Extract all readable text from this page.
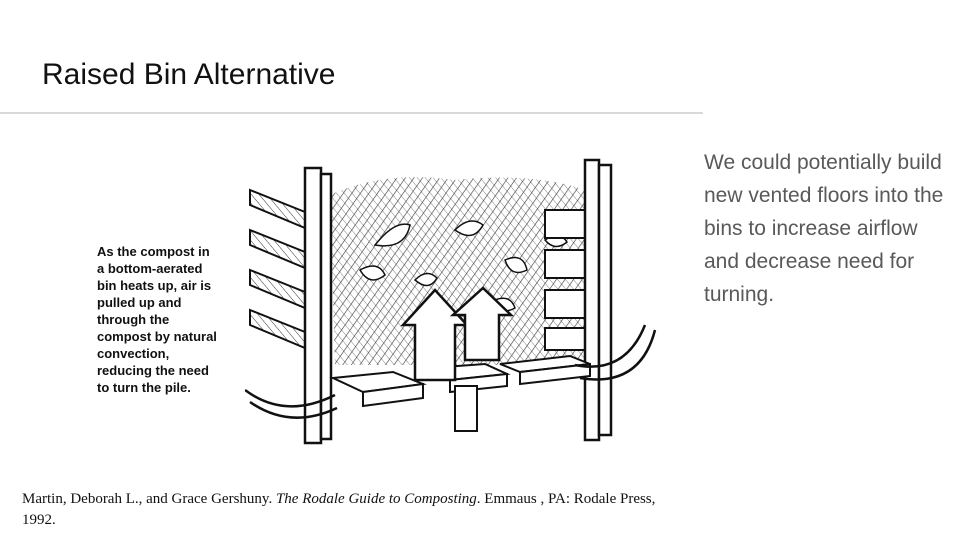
Raised Bin Alternative
As the compost in a bottom-aerated bin heats up, air is pulled up and through the compost by natural convection, reducing the need to turn the pile.
We could potentially build new vented floors into the bins to increase airflow and decrease need for turning.
Martin, Deborah L., and Grace Gershuny. The Rodale Guide to Composting. Emmaus , PA: Rodale Press, 1992.
